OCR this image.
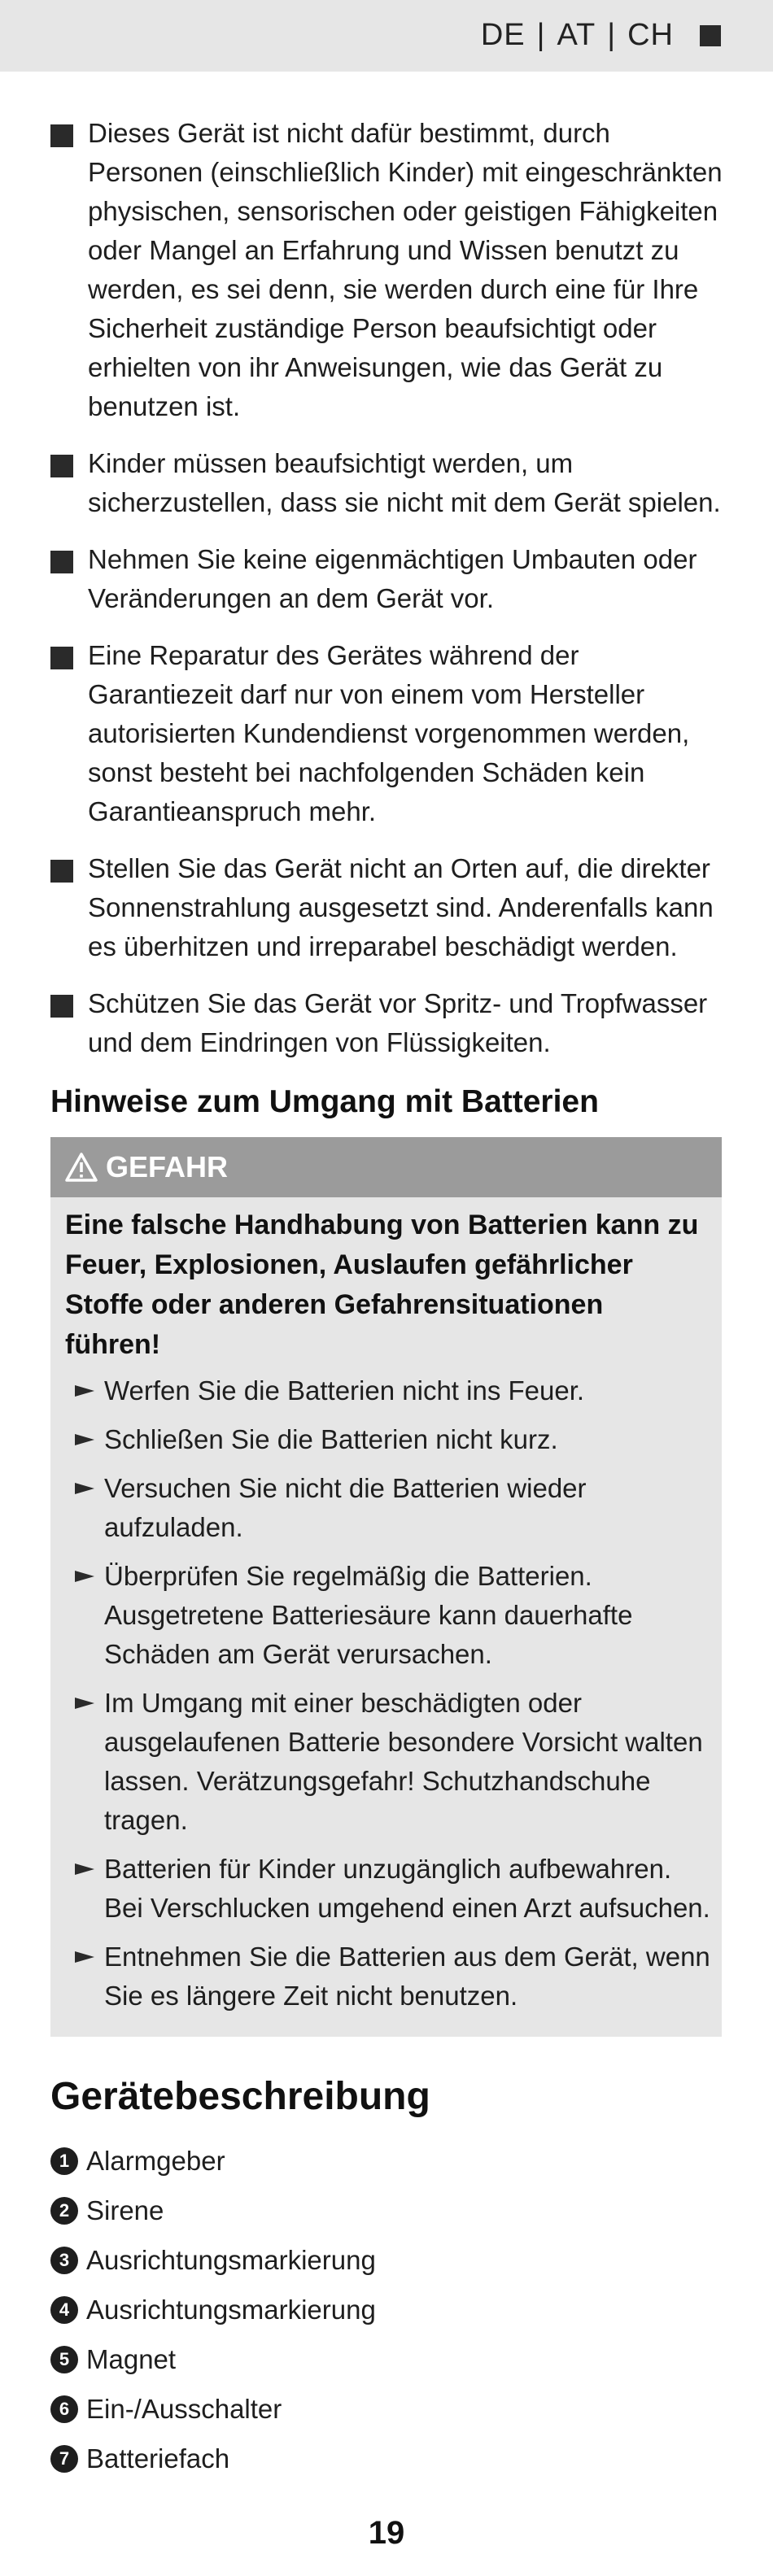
DE | AT | CH
Dieses Gerät ist nicht dafür bestimmt, durch Personen (einschließlich Kinder) mit eingeschränkten physischen, sensorischen oder geistigen Fähigkeiten oder Mangel an Erfahrung und Wissen benutzt zu werden, es sei denn, sie werden durch eine für Ihre Sicherheit zuständige Person beaufsichtigt oder erhielten von ihr Anweisungen, wie das Gerät zu benutzen ist.
Kinder müssen beaufsichtigt werden, um sicherzustellen, dass sie nicht mit dem Gerät spielen.
Nehmen Sie keine eigenmächtigen Umbauten oder Veränderungen an dem Gerät vor.
Eine Reparatur des Gerätes während der Garantiezeit darf nur von einem vom Hersteller autorisierten Kundendienst vorgenommen werden, sonst besteht bei nachfolgenden Schäden kein Garantieanspruch mehr.
Stellen Sie das Gerät nicht an Orten auf, die direkter Sonnenstrahlung ausgesetzt sind. Anderenfalls kann es überhitzen und irreparabel beschädigt werden.
Schützen Sie das Gerät vor Spritz- und Tropfwasser und dem Eindringen von Flüssigkeiten.
Hinweise zum Umgang mit Batterien
GEFAHR

Eine falsche Handhabung von Batterien kann zu Feuer, Explosionen, Auslaufen gefährlicher Stoffe oder anderen Gefahrensituationen führen!

Werfen Sie die Batterien nicht ins Feuer.
Schließen Sie die Batterien nicht kurz.
Versuchen Sie nicht die Batterien wieder aufzuladen.
Überprüfen Sie regelmäßig die Batterien. Ausgetretene Batteriesäure kann dauerhafte Schäden am Gerät verursachen.
Im Umgang mit einer beschädigten oder ausgelaufenen Batterie besondere Vorsicht walten lassen. Verätzungsgefahr! Schutzhandschuhe tragen.
Batterien für Kinder unzugänglich aufbewahren. Bei Verschlucken umgehend einen Arzt aufsuchen.
Entnehmen Sie die Batterien aus dem Gerät, wenn Sie es längere Zeit nicht benutzen.
Gerätebeschreibung
1 Alarmgeber
2 Sirene
3 Ausrichtungsmarkierung
4 Ausrichtungsmarkierung
5 Magnet
6 Ein-/Ausschalter
7 Batteriefach
19
